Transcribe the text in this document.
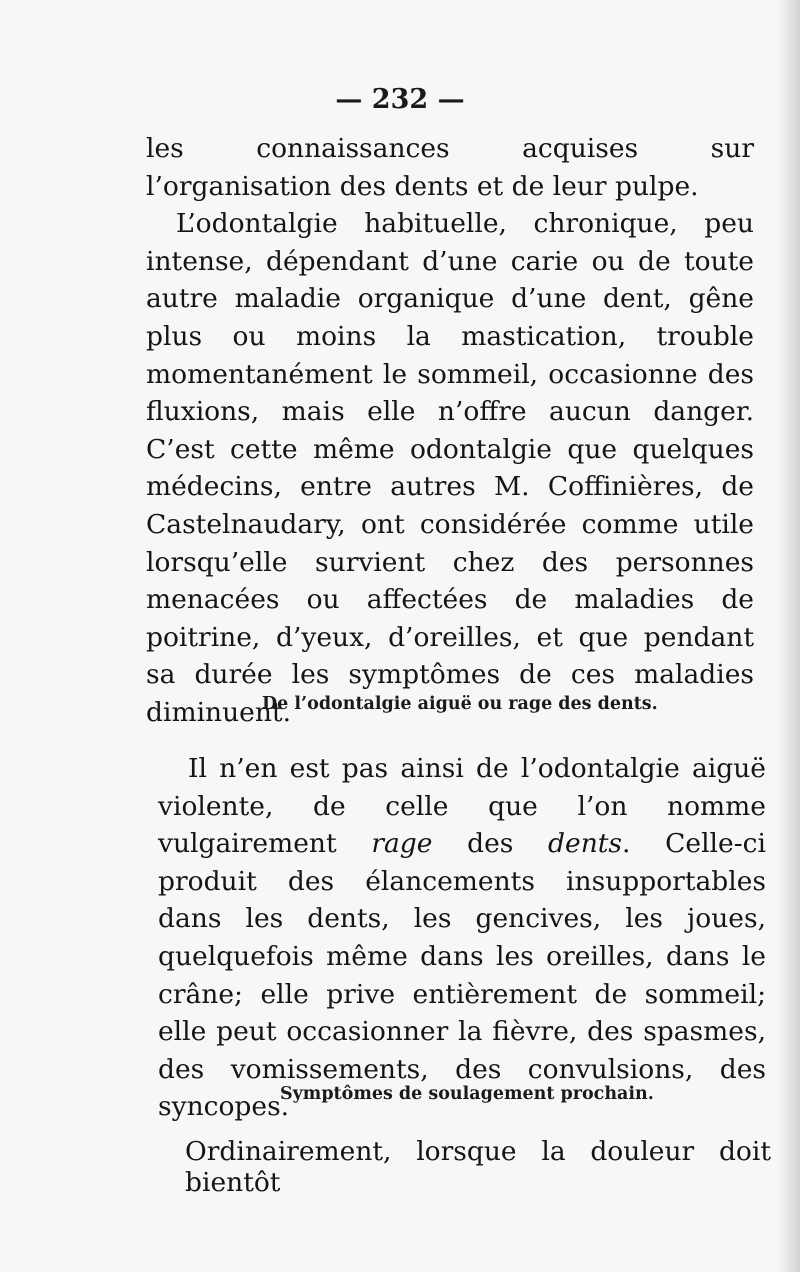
— 232 —

les connaissances acquises sur l’organisation des dents et de leur pulpe.

L’odontalgie habituelle, chronique, peu intense, dépendant d’une carie ou de toute autre maladie organique d’une dent, gêne plus ou moins la mastication, trouble momentanément le sommeil, occasionne des fluxions, mais elle n’offre aucun danger. C’est cette même odontalgie que quelques médecins, entre autres M. Coffinières, de Castelnaudary, ont considérée comme utile lorsqu’elle survient chez des personnes menacées ou affectées de maladies de poitrine, d’yeux, d’oreilles, et que pendant sa durée les symptômes de ces maladies diminuent.

De l’odontalgie aiguë ou rage des dents.

Il n’en est pas ainsi de l’odontalgie aiguë violente, de celle que l’on nomme vulgairement rage des dents. Celle-ci produit des élancements insupportables dans les dents, les gencives, les joues, quelquefois même dans les oreilles, dans le crâne; elle prive entièrement de sommeil; elle peut occasionner la fièvre, des spasmes, des vomissements, des convulsions, des syncopes.

Symptômes de soulagement prochain.
Ordinairement, lorsque la douleur doit bientôt
